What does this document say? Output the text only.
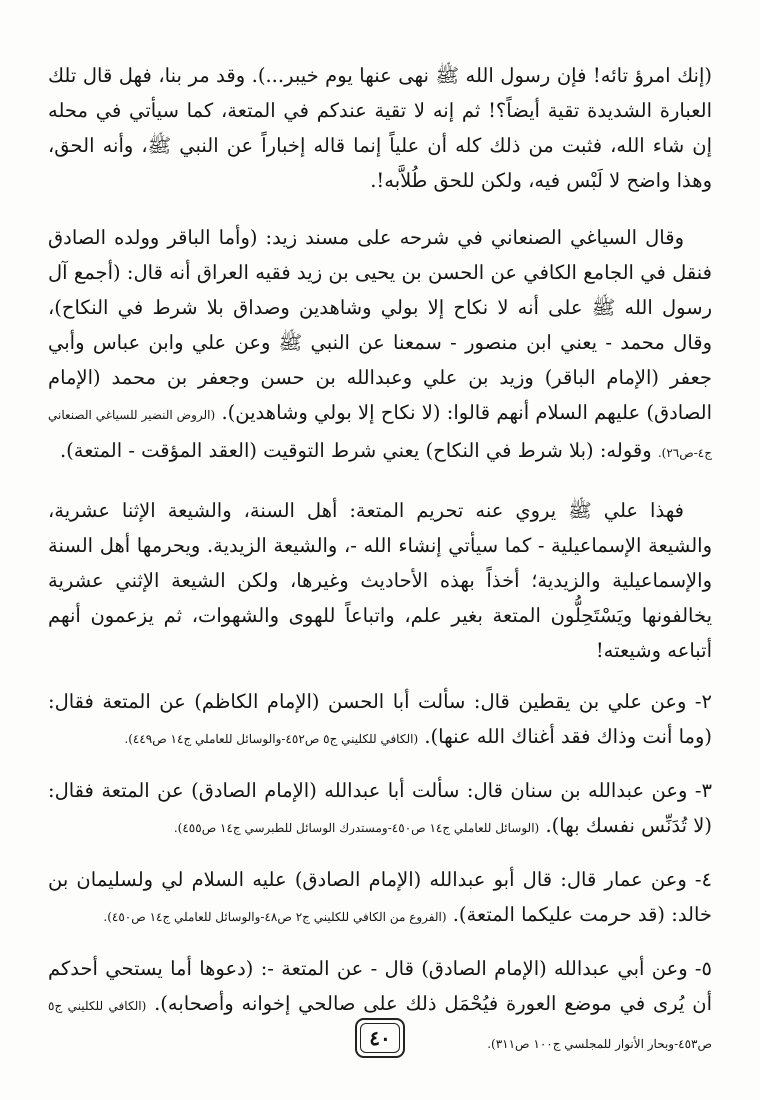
(إنك امرؤ تائه! فإن رسول الله ﷺ نهى عنها يوم خيبر...). وقد مر بنا، فهل قال تلك العبارة الشديدة تقية أيضاً؟! ثم إنه لا تقية عندكم في المتعة، كما سيأتي في محله إن شاء الله، فثبت من ذلك كله أن علياً إنما قاله إخباراً عن النبي ﷺ، وأنه الحق، وهذا واضح لا لَبْس فيه، ولكن للحق طُلاَّبه!.

وقال السياغي الصنعاني في شرحه على مسند زيد: (وأما الباقر وولده الصادق فنقل في الجامع الكافي عن الحسن بن يحيى بن زيد فقيه العراق أنه قال: (أجمع آل رسول الله ﷺ على أنه لا نكاح إلا بولي وشاهدين وصداق بلا شرط في النكاح)، وقال محمد - يعني ابن منصور - سمعنا عن النبي ﷺ وعن علي وابن عباس وأبي جعفر (الإمام الباقر) وزيد بن علي وعبدالله بن حسن وجعفر بن محمد (الإمام الصادق) عليهم السلام أنهم قالوا: (لا نكاح إلا بولي وشاهدين). (الروض النضير للسياغي الصنعاني ج٤-ص٢٦). وقوله: (بلا شرط في النكاح) يعني شرط التوقيت (العقد المؤقت - المتعة).

فهذا علي ﷺ يروي عنه تحريم المتعة: أهل السنة، والشيعة الإثنا عشرية، والشيعة الإسماعيلية - كما سيأتي إنشاء الله -، والشيعة الزيدية. ويحرمها أهل السنة والإسماعيلية والزيدية؛ أخذاً بهذه الأحاديث وغيرها، ولكن الشيعة الإثني عشرية يخالفونها ويَسْتَحِلُّون المتعة بغير علم، واتباعاً للهوى والشهوات، ثم يزعمون أنهم أتباعه وشيعته!

٢- وعن علي بن يقطين قال: سألت أبا الحسن (الإمام الكاظم) عن المتعة فقال: (وما أنت وذاك فقد أغناك الله عنها). (الكافي للكليني ج٥ ص٤٥٢-والوسائل للعاملي ج١٤ ص٤٤٩).

٣- وعن عبدالله بن سنان قال: سألت أبا عبدالله (الإمام الصادق) عن المتعة فقال: (لا تُدَنِّس نفسك بها). (الوسائل للعاملي ج١٤ ص٤٥٠-ومستدرك الوسائل للطبرسي ج١٤ ص٤٥٥).

٤- وعن عمار قال: قال أبو عبدالله (الإمام الصادق) عليه السلام لي ولسليمان بن خالد: (قد حرمت عليكما المتعة). (الفروع من الكافي للكليني ج٢ ص٤٨-والوسائل للعاملي ج١٤ ص٤٥٠).

٥- وعن أبي عبدالله (الإمام الصادق) قال - عن المتعة -: (دعوها أما يستحي أحدكم أن يُرى في موضع العورة فيُحْمَل ذلك على صالحي إخوانه وأصحابه). (الكافي للكليني ج٥ ص٤٥٣-وبحار الأنوار للمجلسي ج١٠٠ ص٣١١).

٤٠
